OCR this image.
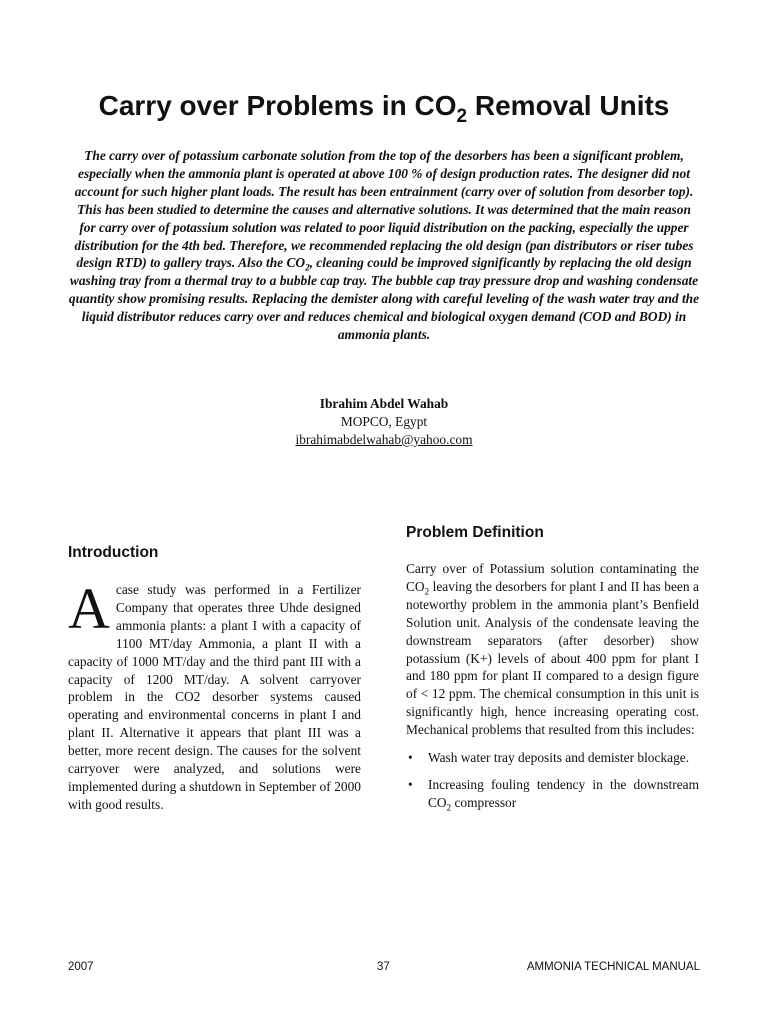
Carry over Problems in $CO_2$ Removal Units
The carry over of potassium carbonate solution from the top of the desorbers has been a significant problem, especially when the ammonia plant is operated at above 100 % of design production rates. The designer did not account for such higher plant loads. The result has been entrainment (carry over of solution from desorber top). This has been studied to determine the causes and alternative solutions. It was determined that the main reason for carry over of potassium solution was related to poor liquid distribution on the packing, especially the upper distribution for the 4th bed. Therefore, we recommended replacing the old design (pan distributors or riser tubes design RTD) to gallery trays. Also the $CO_2$, cleaning could be improved significantly by replacing the old design washing tray from a thermal tray to a bubble cap tray. The bubble cap tray pressure drop and washing condensate quantity show promising results. Replacing the demister along with careful leveling of the wash water tray and the liquid distributor reduces carry over and reduces chemical and biological oxygen demand (COD and BOD) in ammonia plants.
Ibrahim Abdel Wahab
MOPCO, Egypt
ibrahimabdelwahab@yahoo.com
Introduction
Acase study was performed in a Fertilizer Company that operates three Uhde designed ammonia plants: a plant I with a capacity of 1100 MT/day Ammonia, a plant II with a capacity of 1000 MT/day and the third pant III with a capacity of 1200 MT/day. A solvent carryover problem in the CO2 desorber systems caused operating and environmental concerns in plant I and plant II. Alternative it appears that plant III was a better, more recent design. The causes for the solvent carryover were analyzed, and solutions were implemented during a shutdown in September of 2000 with good results.
Problem Definition
Carry over of Potassium solution contaminating the $CO_2$ leaving the desorbers for plant I and II has been a noteworthy problem in the ammonia plant’s Benfield Solution unit. Analysis of the condensate leaving the downstream separators (after desorber) show potassium (K+) levels of about 400 ppm for plant I and 180 ppm for plant II compared to a design figure of < 12 ppm. The chemical consumption in this unit is significantly high, hence increasing operating cost. Mechanical problems that resulted from this includes:
• Wash water tray deposits and demister blockage.
• Increasing fouling tendency in the downstream $CO_2$ compressor
2007	37	AMMONIA TECHNICAL MANUAL
